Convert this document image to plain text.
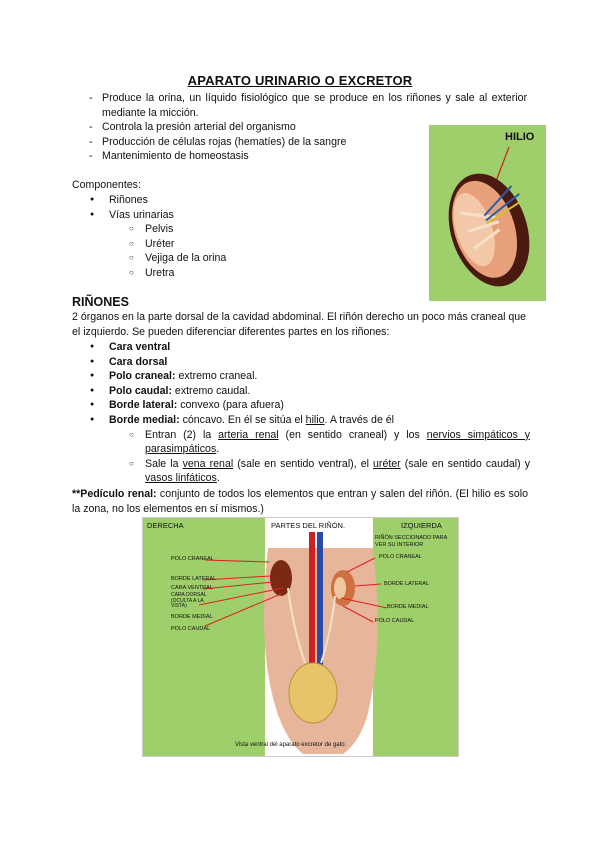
APARATO URINARIO O EXCRETOR
- Produce la orina, un líquido fisiológico que se produce en los riñones y sale al exterior mediante la micción.
- Controla la presión arterial del organismo
- Producción de células rojas (hematíes) de la sangre
- Mantenimiento de homeostasis
Componentes:
● Riñones
● Vías urinarias
○ Pelvis
○ Uréter
○ Vejiga de la orina
○ Uretra
HILIO
RIÑONES
2 órganos en la parte dorsal de la cavidad abdominal. El riñón derecho un poco más craneal que el izquierdo. Se pueden diferenciar diferentes partes en los riñones:
● Cara ventral
● Cara dorsal
● Polo craneal: extremo craneal.
● Polo caudal: extremo caudal.
● Borde lateral: convexo (para afuera)
● Borde medial: cóncavo. En él se sitúa el hilio. A través de él
○ Entran (2) la arteria renal (en sentido craneal) y los nervios simpáticos y parasimpáticos.
○ Sale la vena renal (sale en sentido ventral), el uréter (sale en sentido caudal) y vasos linfáticos.
**Pedículo renal: conjunto de todos los elementos que entran y salen del riñón. (El hilio es solo la zona, no los elementos en sí mismos.)
DERECHA	PARTES DEL RIÑÓN.	IZQUIERDA
RIÑÓN SECCIONADO PARA VER SU INTERIOR
POLO CRANEAL
BORDE LATERAL
CARA VENTRAL
CARA DORSAL (OCULTA A LA VISTA)
BORDE MEDIAL
POLO CAUDAL
POLO CRANEAL
BORDE LATERAL
BORDE MEDIAL
POLO CAUDAL
Vista ventral del aparato excretor de gato.
